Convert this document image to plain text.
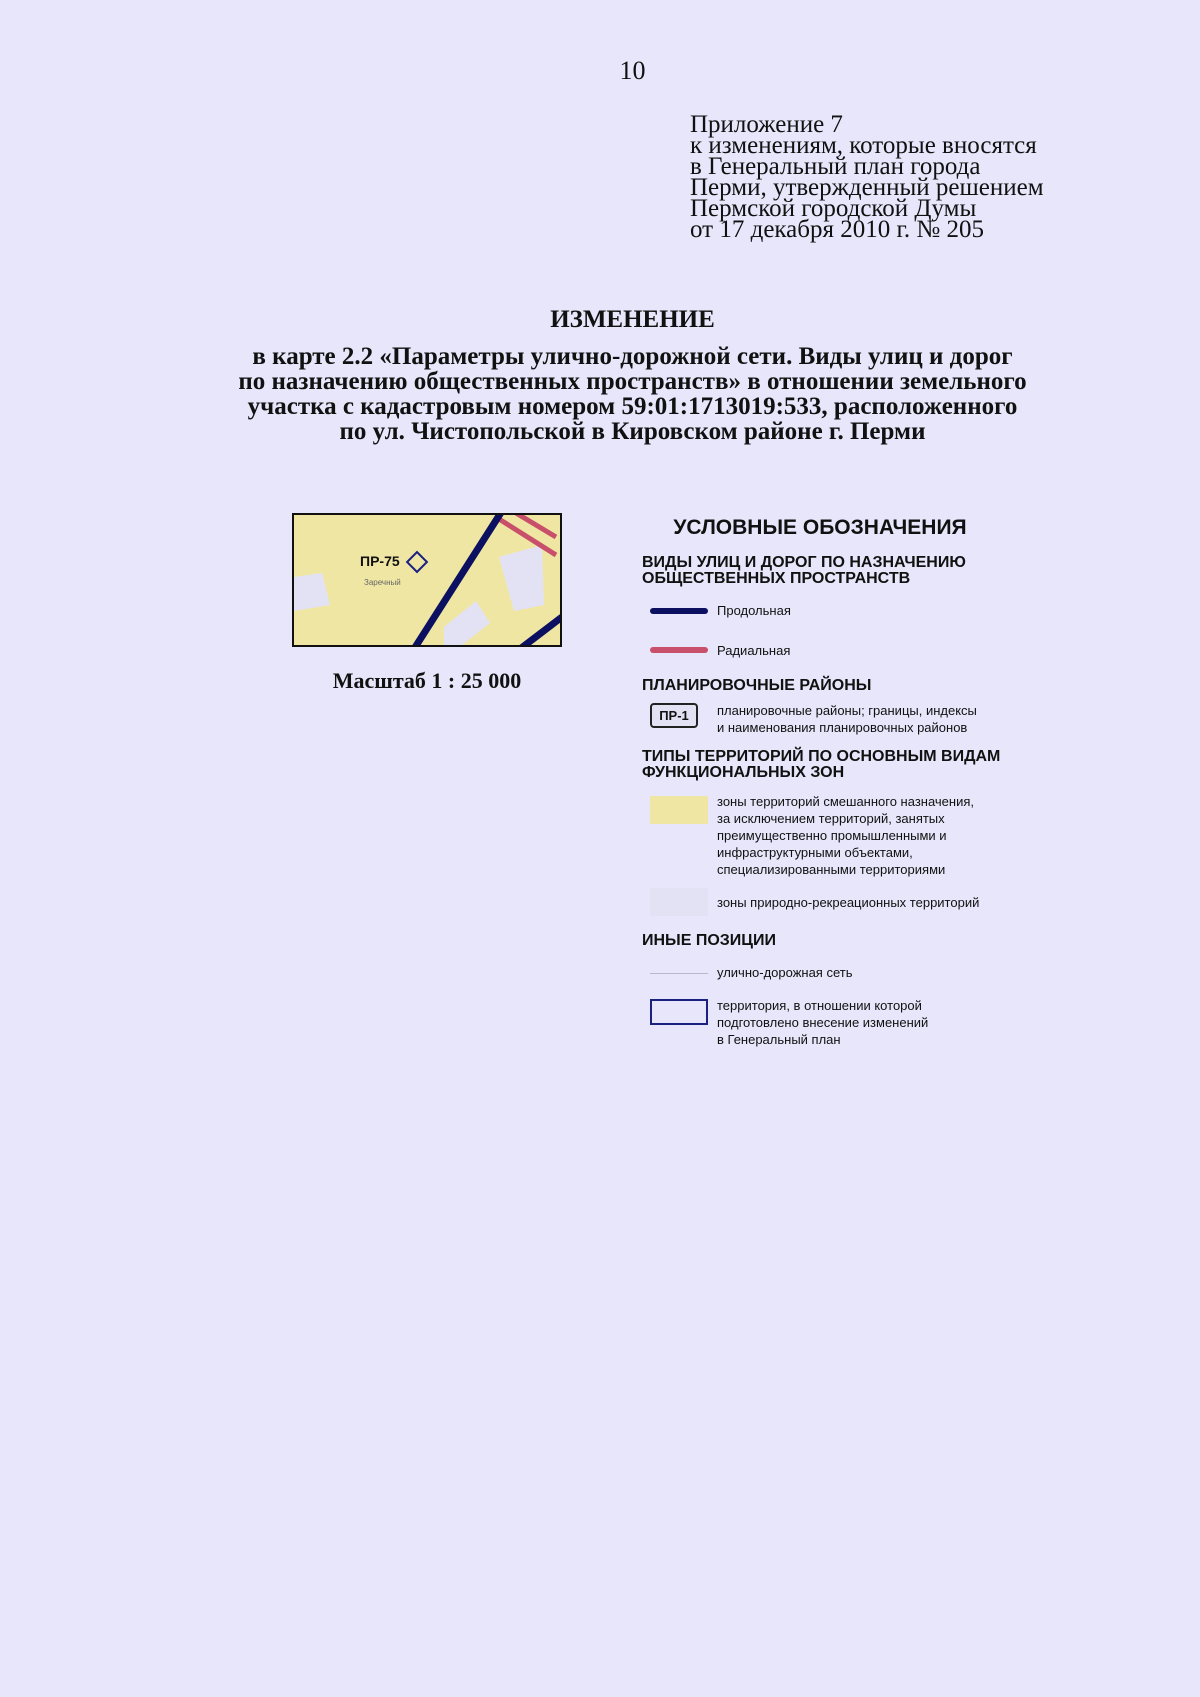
10
Приложение 7
к изменениям, которые вносятся
в Генеральный план города
Перми, утвержденный решением
Пермской городской Думы
от 17 декабря 2010 г. № 205
ИЗМЕНЕНИЕ
в карте 2.2 «Параметры улично-дорожной сети. Виды улиц и дорог
по назначению общественных пространств» в отношении земельного
участка с кадастровым номером 59:01:1713019:533, расположенного
по ул. Чистопольской в Кировском районе г. Перми
ПР-75
Заречный
Масштаб 1 : 25 000
УСЛОВНЫЕ ОБОЗНАЧЕНИЯ
ВИДЫ УЛИЦ И ДОРОГ ПО НАЗНАЧЕНИЮ
ОБЩЕСТВЕННЫХ ПРОСТРАНСТВ
Продольная
Радиальная
ПЛАНИРОВОЧНЫЕ РАЙОНЫ
ПР-1	планировочные районы; границы, индексы
и наименования планировочных районов
ТИПЫ ТЕРРИТОРИЙ ПО ОСНОВНЫМ ВИДАМ
ФУНКЦИОНАЛЬНЫХ ЗОН
зоны территорий смешанного назначения,
за исключением территорий, занятых
преимущественно промышленными и
инфраструктурными объектами,
специализированными территориями
зоны природно-рекреационных территорий
ИНЫЕ ПОЗИЦИИ
улично-дорожная сеть
территория, в отношении которой
подготовлено внесение изменений
в Генеральный план
